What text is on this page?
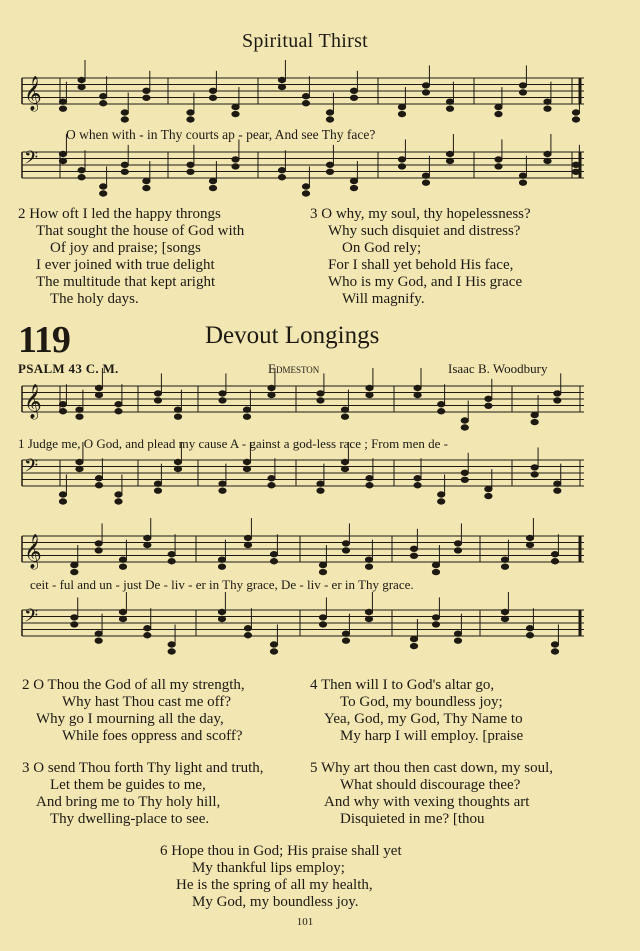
𝄞
𝄢
𝄞
𝄢
𝄞
𝄢
Spiritual Thirst
O when with - in Thy courts ap - pear, And see Thy face?
2 How oft I led the happy throngs
That sought the house of God with
Of joy and praise; [songs
I ever joined with true delight
The multitude that kept aright
The holy days.
3 O why, my soul, thy hopelessness?
Why such disquiet and distress?
On God rely;
For I shall yet behold His face,
Who is my God, and I His grace
Will magnify.
119	Devout Longings
PSALM 43 C. M.	Edmeston	Isaac B. Woodbury
1 Judge me, O God, and plead my cause A - gainst a god-less race ; From men de -
ceit - ful and un - just De - liv - er in Thy grace, De - liv - er in Thy grace.
2 O Thou the God of all my strength,
Why hast Thou cast me off?
Why go I mourning all the day,
While foes oppress and scoff?
4 Then will I to God's altar go,
To God, my boundless joy;
Yea, God, my God, Thy Name to
My harp I will employ. [praise
3 O send Thou forth Thy light and truth,
Let them be guides to me,
And bring me to Thy holy hill,
Thy dwelling-place to see.
5 Why art thou then cast down, my soul,
What should discourage thee?
And why with vexing thoughts art
Disquieted in me? [thou
6 Hope thou in God; His praise shall yet
My thankful lips employ;
He is the spring of all my health,
My God, my boundless joy.
101
